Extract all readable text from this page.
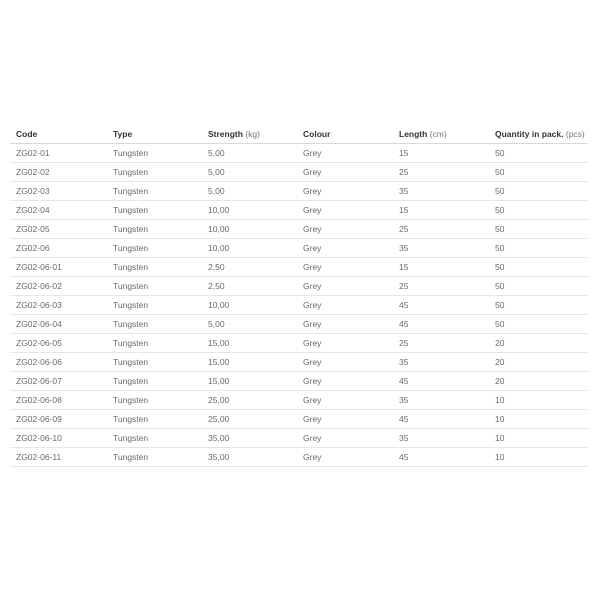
Code	Type	Strength (kg)	Colour	Length (cm)	Quantity in pack. (pcs)
ZG02-01	Tungsten	5,00	Grey	15	50
ZG02-02	Tungsten	5,00	Grey	25	50
ZG02-03	Tungsten	5,00	Grey	35	50
ZG02-04	Tungsten	10,00	Grey	15	50
ZG02-05	Tungsten	10,00	Grey	25	50
ZG02-06	Tungsten	10,00	Grey	35	50
ZG02-06-01	Tungsten	2,50	Grey	15	50
ZG02-06-02	Tungsten	2,50	Grey	25	50
ZG02-06-03	Tungsten	10,00	Grey	45	50
ZG02-06-04	Tungsten	5,00	Grey	45	50
ZG02-06-05	Tungsten	15,00	Grey	25	20
ZG02-06-06	Tungsten	15,00	Grey	35	20
ZG02-06-07	Tungsten	15,00	Grey	45	20
ZG02-06-08	Tungsten	25,00	Grey	35	10
ZG02-06-09	Tungsten	25,00	Grey	45	10
ZG02-06-10	Tungsten	35,00	Grey	35	10
ZG02-06-11	Tungsten	35,00	Grey	45	10
